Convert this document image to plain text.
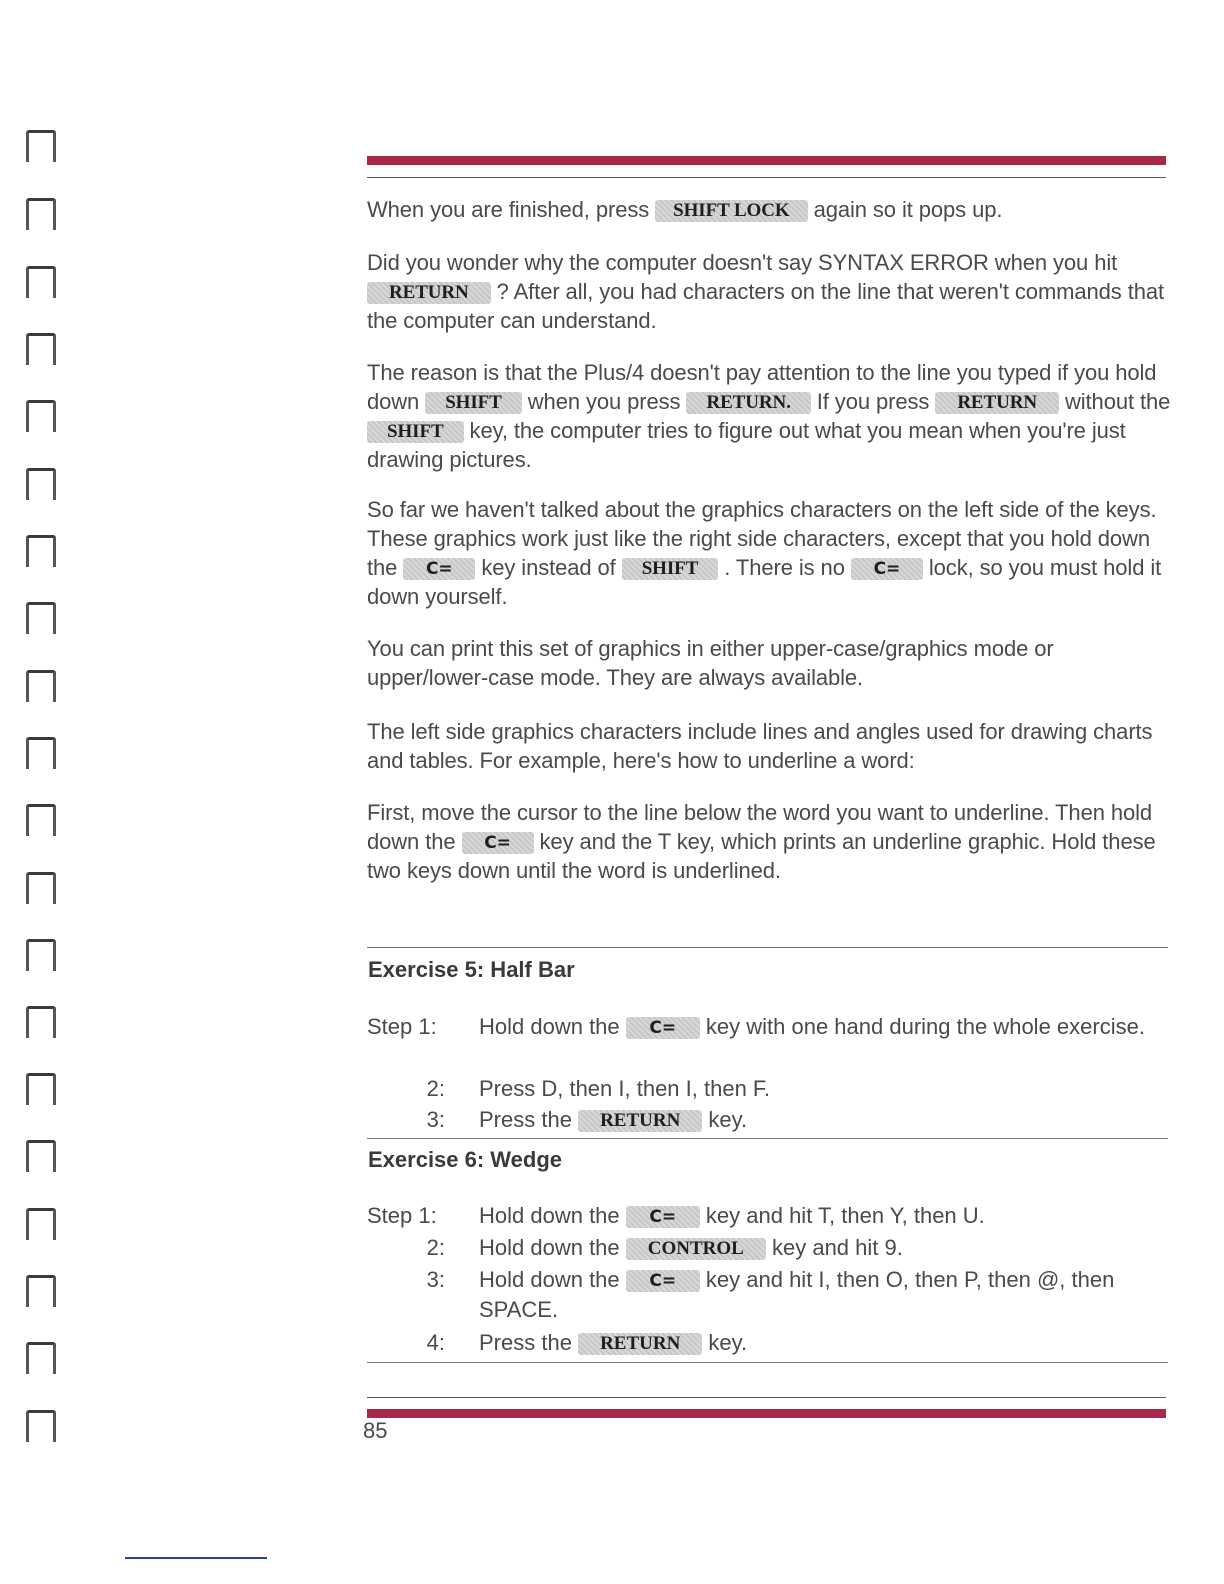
When you are finished, press SHIFT LOCK again so it pops up.

Did you wonder why the computer doesn't say SYNTAX ERROR when you hit RETURN ? After all, you had characters on the line that weren't commands that the computer can understand.

The reason is that the Plus/4 doesn't pay attention to the line you typed if you hold down SHIFT when you press RETURN. If you press RETURN without the SHIFT key, the computer tries to figure out what you mean when you're just drawing pictures.

So far we haven't talked about the graphics characters on the left side of the keys. These graphics work just like the right side characters, except that you hold down the C= key instead of SHIFT . There is no C= lock, so you must hold it down yourself.

You can print this set of graphics in either upper-case/graphics mode or upper/lower-case mode. They are always available.

The left side graphics characters include lines and angles used for drawing charts and tables. For example, here's how to underline a word:

First, move the cursor to the line below the word you want to underline. Then hold down the C= key and the T key, which prints an underline graphic. Hold these two keys down until the word is underlined.

Exercise 5: Half Bar
Step 1:	Hold down the C= key with one hand during the whole exercise.
2: Press D, then I, then I, then F.
3: Press the RETURN key.
Exercise 6: Wedge
Step 1:	Hold down the C= key and hit T, then Y, then U.
2: Hold down the CONTROL key and hit 9.
3: Hold down the C= key and hit I, then O, then P, then @, then SPACE.
4: Press the RETURN key.
85
